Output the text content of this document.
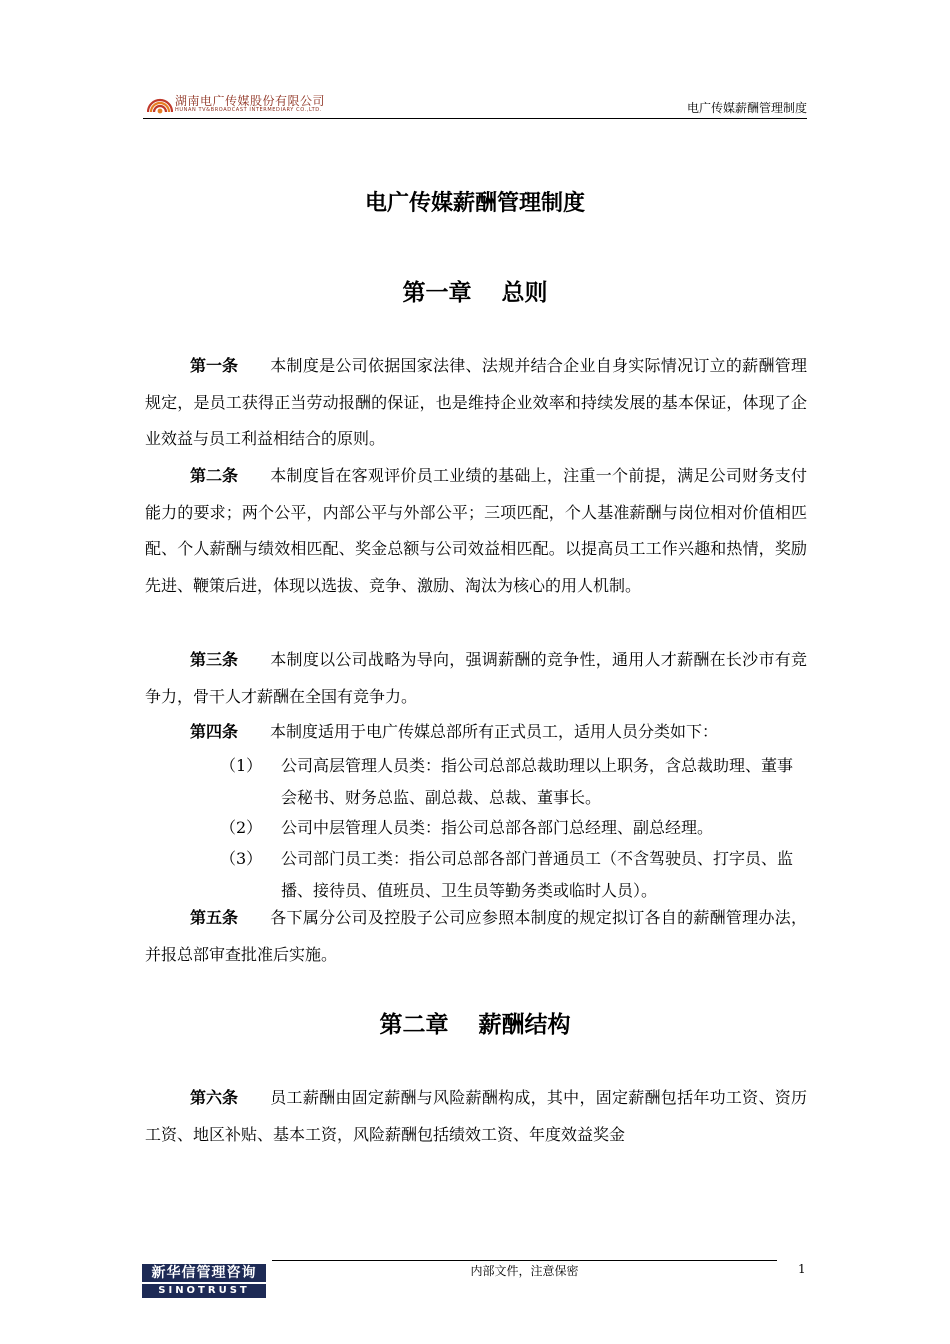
湖南电广传媒股份有限公司
HUNAN TV&BROADCAST INTERMEDIARY CO.,LTD.	电广传媒薪酬管理制度
电广传媒薪酬管理制度
第一章 总则
第一条 本制度是公司依据国家法律、法规并结合企业自身实际情况订立的薪酬管理规定，是员工获得正当劳动报酬的保证，也是维持企业效率和持续发展的基本保证，体现了企业效益与员工利益相结合的原则。
第二条 本制度旨在客观评价员工业绩的基础上，注重一个前提，满足公司财务支付能力的要求；两个公平，内部公平与外部公平；三项匹配，个人基准薪酬与岗位相对价值相匹配、个人薪酬与绩效相匹配、奖金总额与公司效益相匹配。以提高员工工作兴趣和热情，奖励先进、鞭策后进，体现以选拔、竞争、激励、淘汰为核心的用人机制。
第三条 本制度以公司战略为导向，强调薪酬的竞争性，通用人才薪酬在长沙市有竞争力，骨干人才薪酬在全国有竞争力。
第四条 本制度适用于电广传媒总部所有正式员工，适用人员分类如下：
（1） 公司高层管理人员类：指公司总部总裁助理以上职务，含总裁助理、董事会秘书、财务总监、副总裁、总裁、董事长。
（2） 公司中层管理人员类：指公司总部各部门总经理、副总经理。
（3） 公司部门员工类：指公司总部各部门普通员工（不含驾驶员、打字员、监播、接待员、值班员、卫生员等勤务类或临时人员）。
第五条 各下属分公司及控股子公司应参照本制度的规定拟订各自的薪酬管理办法，并报总部审查批准后实施。
第二章 薪酬结构
第六条 员工薪酬由固定薪酬与风险薪酬构成，其中，固定薪酬包括年功工资、资历工资、地区补贴、基本工资，风险薪酬包括绩效工资、年度效益奖金
新华信管理咨询
SINOTRUST
内部文件，注意保密	1
